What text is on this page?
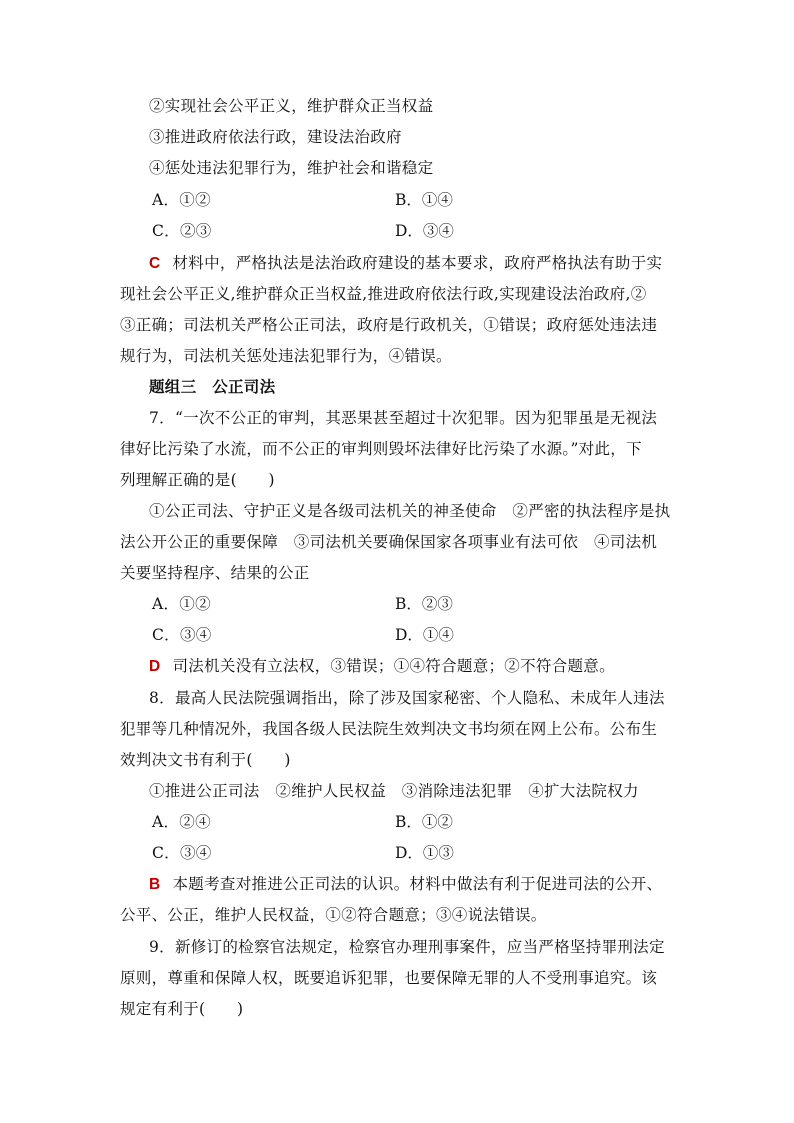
②实现社会公平正义，维护群众正当权益
③推进政府依法行政，建设法治政府
④惩处违法犯罪行为，维护社会和谐稳定
A．①②	B．①④
C．②③	D．③④
C 材料中，严格执法是法治政府建设的基本要求，政府严格执法有助于实
现社会公平正义,维护群众正当权益,推进政府依法行政,实现建设法治政府,②
③正确；司法机关严格公正司法，政府是行政机关，①错误；政府惩处违法违
规行为，司法机关惩处违法犯罪行为，④错误。
题组三　公正司法
7．“一次不公正的审判，其恶果甚至超过十次犯罪。因为犯罪虽是无视法
律好比污染了水流，而不公正的审判则毁坏法律好比污染了水源。”对此，下
列理解正确的是(　　)
①公正司法、守护正义是各级司法机关的神圣使命　②严密的执法程序是执
法公开公正的重要保障　③司法机关要确保国家各项事业有法可依　④司法机
关要坚持程序、结果的公正
A．①②	B．②③
C．③④	D．①④
D 司法机关没有立法权，③错误；①④符合题意；②不符合题意。
8．最高人民法院强调指出，除了涉及国家秘密、个人隐私、未成年人违法
犯罪等几种情况外，我国各级人民法院生效判决文书均须在网上公布。公布生
效判决文书有利于(　　)
①推进公正司法　②维护人民权益　③消除违法犯罪　④扩大法院权力
A．②④	B．①②
C．③④	D．①③
B 本题考查对推进公正司法的认识。材料中做法有利于促进司法的公开、
公平、公正，维护人民权益，①②符合题意；③④说法错误。
9．新修订的检察官法规定，检察官办理刑事案件，应当严格坚持罪刑法定
原则，尊重和保障人权，既要追诉犯罪，也要保障无罪的人不受刑事追究。该
规定有利于(　　)
